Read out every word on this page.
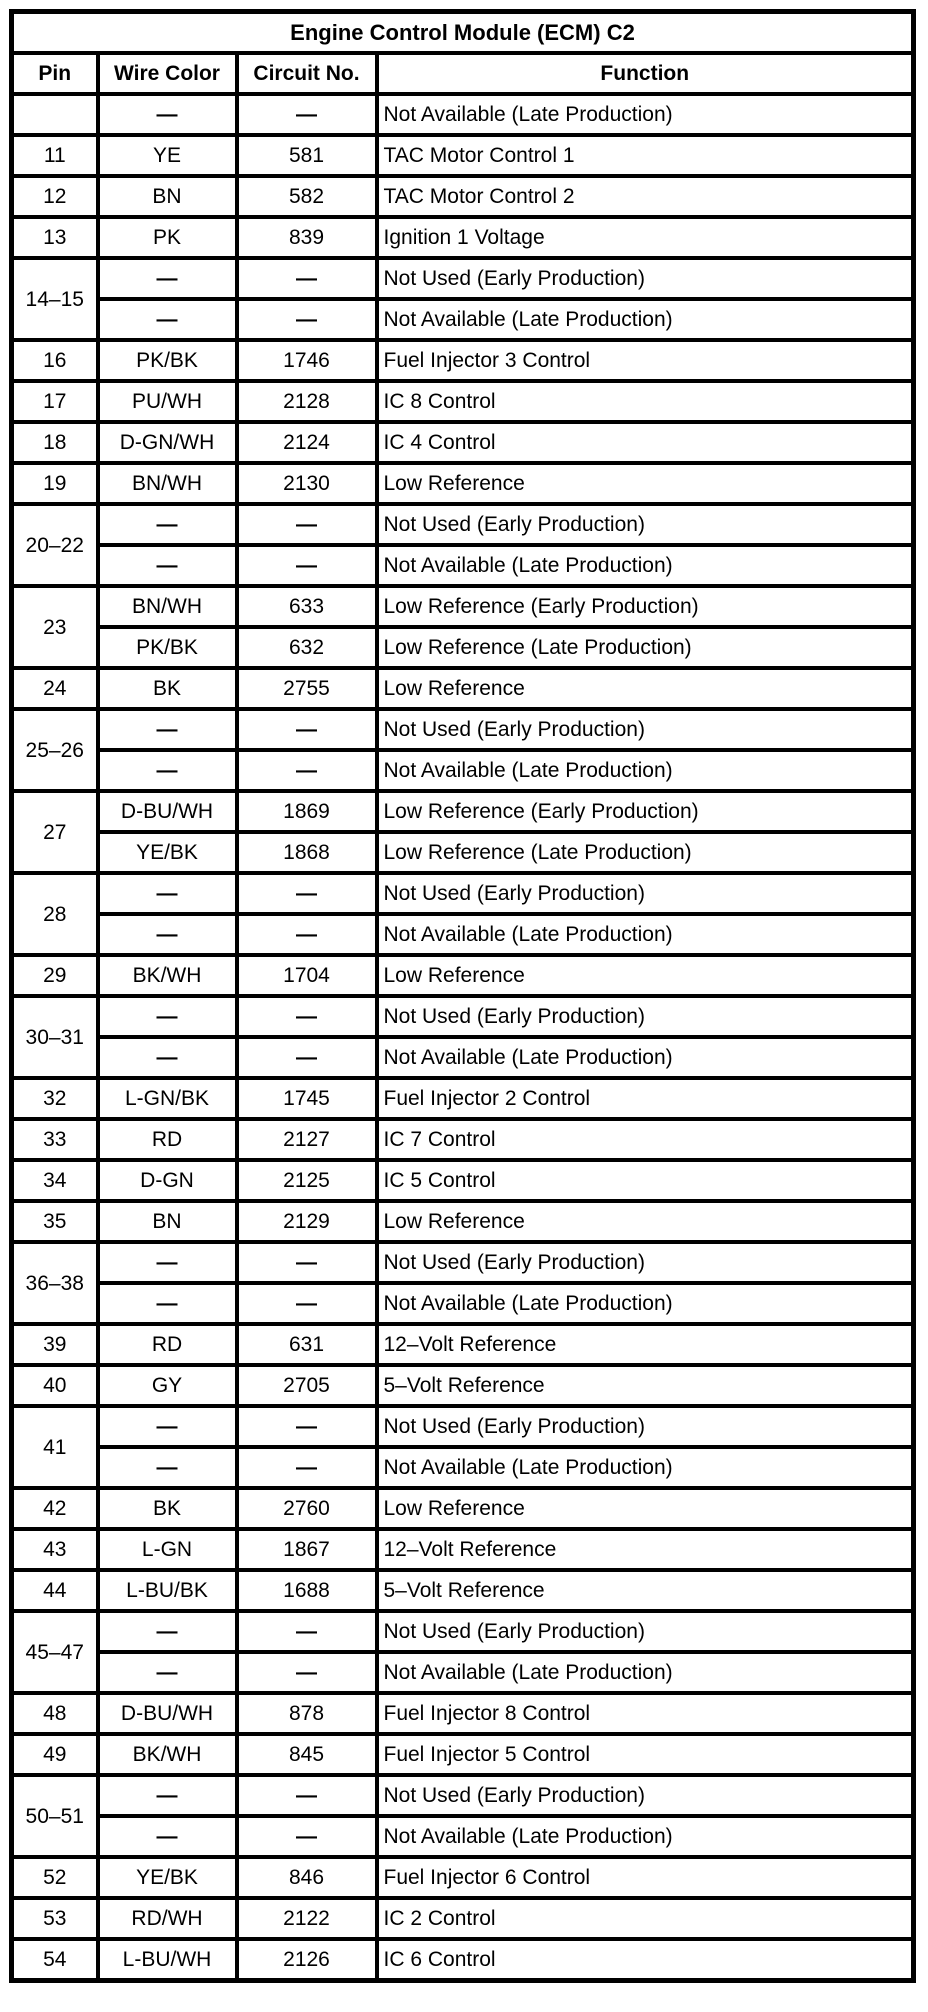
Engine Control Module (ECM) C2			
Pin	Wire Color	Circuit No.	Function
	—	—	Not Available (Late Production)
11	YE	581	TAC Motor Control 1
12	BN	582	TAC Motor Control 2
13	PK	839	Ignition 1 Voltage
14–15	—	—	Not Used (Early Production)
	—	—	Not Available (Late Production)
16	PK/BK	1746	Fuel Injector 3 Control
17	PU/WH	2128	IC 8 Control
18	D-GN/WH	2124	IC 4 Control
19	BN/WH	2130	Low Reference
20–22	—	—	Not Used (Early Production)
	—	—	Not Available (Late Production)
23	BN/WH	633	Low Reference (Early Production)
	PK/BK	632	Low Reference (Late Production)
24	BK	2755	Low Reference
25–26	—	—	Not Used (Early Production)
	—	—	Not Available (Late Production)
27	D-BU/WH	1869	Low Reference (Early Production)
	YE/BK	1868	Low Reference (Late Production)
28	—	—	Not Used (Early Production)
	—	—	Not Available (Late Production)
29	BK/WH	1704	Low Reference
30–31	—	—	Not Used (Early Production)
	—	—	Not Available (Late Production)
32	L-GN/BK	1745	Fuel Injector 2 Control
33	RD	2127	IC 7 Control
34	D-GN	2125	IC 5 Control
35	BN	2129	Low Reference
36–38	—	—	Not Used (Early Production)
	—	—	Not Available (Late Production)
39	RD	631	12–Volt Reference
40	GY	2705	5–Volt Reference
41	—	—	Not Used (Early Production)
	—	—	Not Available (Late Production)
42	BK	2760	Low Reference
43	L-GN	1867	12–Volt Reference
44	L-BU/BK	1688	5–Volt Reference
45–47	—	—	Not Used (Early Production)
	—	—	Not Available (Late Production)
48	D-BU/WH	878	Fuel Injector 8 Control
49	BK/WH	845	Fuel Injector 5 Control
50–51	—	—	Not Used (Early Production)
	—	—	Not Available (Late Production)
52	YE/BK	846	Fuel Injector 6 Control
53	RD/WH	2122	IC 2 Control
54	L-BU/WH	2126	IC 6 Control
